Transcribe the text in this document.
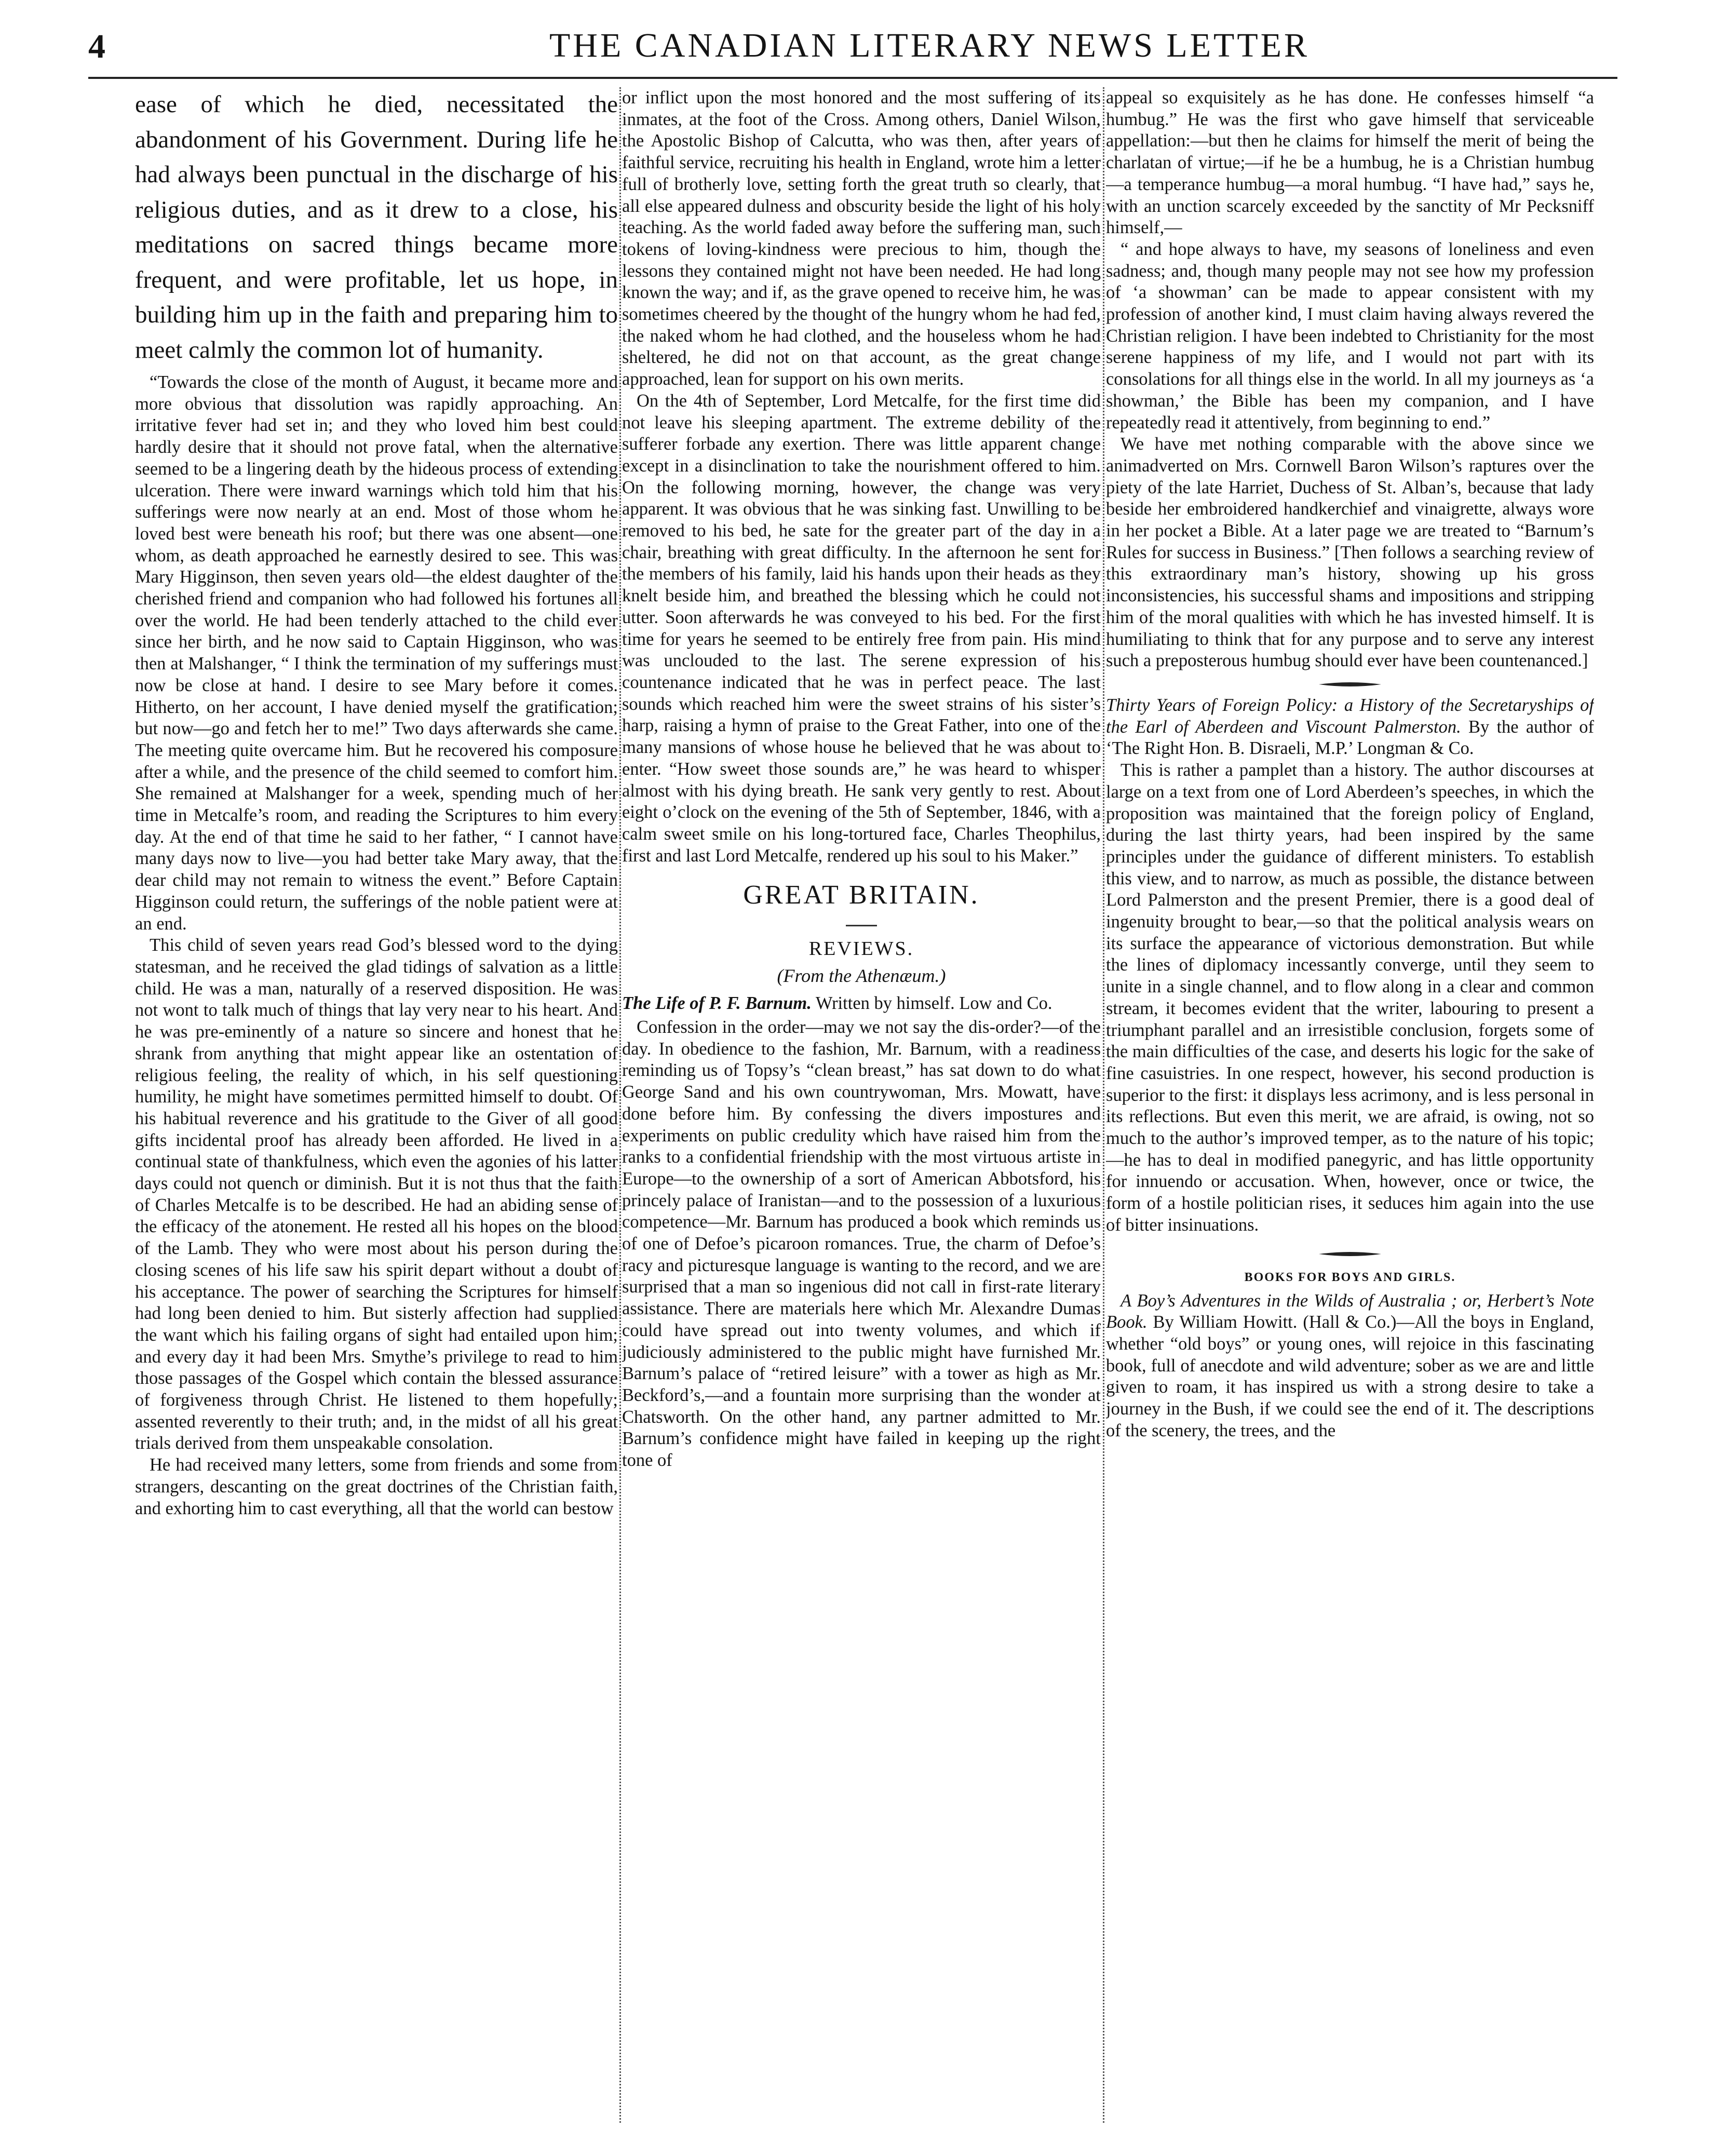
4	THE CANADIAN LITERARY NEWS LETTER

ease of which he died, necessitated the abandonment of his Government. During life he had always been punctual in the discharge of his religious duties, and as it drew to a close, his meditations on sacred things became more frequent, and were profitable, let us hope, in building him up in the faith and preparing him to meet calmly the common lot of humanity.

“Towards the close of the month of August, it became more and more obvious that dissolution was rapidly approaching. An irritative fever had set in; and they who loved him best could hardly desire that it should not prove fatal, when the alternative seemed to be a lingering death by the hideous process of extending ulceration. There were inward warnings which told him that his sufferings were now nearly at an end. Most of those whom he loved best were beneath his roof; but there was one absent—one whom, as death approached he earnestly desired to see. This was Mary Higginson, then seven years old—the eldest daughter of the cherished friend and companion who had followed his fortunes all over the world. He had been tenderly attached to the child ever since her birth, and he now said to Captain Higginson, who was then at Malshanger, “ I think the termination of my sufferings must now be close at hand. I desire to see Mary before it comes. Hitherto, on her account, I have denied myself the gratification; but now—go and fetch her to me!” Two days afterwards she came. The meeting quite overcame him. But he recovered his composure after a while, and the presence of the child seemed to comfort him. She remained at Malshanger for a week, spending much of her time in Metcalfe’s room, and reading the Scriptures to him every day. At the end of that time he said to her father, “ I cannot have many days now to live—you had better take Mary away, that the dear child may not remain to witness the event.” Before Captain Higginson could return, the sufferings of the noble patient were at an end.

This child of seven years read God’s blessed word to the dying statesman, and he received the glad tidings of salvation as a little child. He was a man, naturally of a reserved disposition. He was not wont to talk much of things that lay very near to his heart. And he was pre-eminently of a nature so sincere and honest that he shrank from anything that might appear like an ostentation of religious feeling, the reality of which, in his self questioning humility, he might have sometimes permitted himself to doubt. Of his habitual reverence and his gratitude to the Giver of all good gifts incidental proof has already been afforded. He lived in a continual state of thankfulness, which even the agonies of his latter days could not quench or diminish. But it is not thus that the faith of Charles Metcalfe is to be described. He had an abiding sense of the efficacy of the atonement. He rested all his hopes on the blood of the Lamb. They who were most about his person during the closing scenes of his life saw his spirit depart without a doubt of his acceptance. The power of searching the Scriptures for himself had long been denied to him. But sisterly affection had supplied the want which his failing organs of sight had entailed upon him; and every day it had been Mrs. Smythe’s privilege to read to him those passages of the Gospel which contain the blessed assurance of forgiveness through Christ. He listened to them hopefully; assented reverently to their truth; and, in the midst of all his great trials derived from them unspeakable consolation.

He had received many letters, some from friends and some from strangers, descanting on the great doctrines of the Christian faith, and exhorting him to cast everything, all that the world can bestow

or inflict upon the most honored and the most suffering of its inmates, at the foot of the Cross. Among others, Daniel Wilson, the Apostolic Bishop of Calcutta, who was then, after years of faithful service, recruiting his health in England, wrote him a letter full of brotherly love, setting forth the great truth so clearly, that all else appeared dulness and obscurity beside the light of his holy teaching. As the world faded away before the suffering man, such tokens of loving-kindness were precious to him, though the lessons they contained might not have been needed. He had long known the way; and if, as the grave opened to receive him, he was sometimes cheered by the thought of the hungry whom he had fed, the naked whom he had clothed, and the houseless whom he had sheltered, he did not on that account, as the great change approached, lean for support on his own merits.

On the 4th of September, Lord Metcalfe, for the first time did not leave his sleeping apartment. The extreme debility of the sufferer forbade any exertion. There was little apparent change except in a disinclination to take the nourishment offered to him. On the following morning, however, the change was very apparent. It was obvious that he was sinking fast. Unwilling to be removed to his bed, he sate for the greater part of the day in a chair, breathing with great difficulty. In the afternoon he sent for the members of his family, laid his hands upon their heads as they knelt beside him, and breathed the blessing which he could not utter. Soon afterwards he was conveyed to his bed. For the first time for years he seemed to be entirely free from pain. His mind was unclouded to the last. The serene expression of his countenance indicated that he was in perfect peace. The last sounds which reached him were the sweet strains of his sister’s harp, raising a hymn of praise to the Great Father, into one of the many mansions of whose house he believed that he was about to enter. “How sweet those sounds are,” he was heard to whisper almost with his dying breath. He sank very gently to rest. About eight o’clock on the evening of the 5th of September, 1846, with a calm sweet smile on his long-tortured face, Charles Theophilus, first and last Lord Metcalfe, rendered up his soul to his Maker.”

GREAT BRITAIN.
REVIEWS.
(From the Athenæum.)

The Life of P. F. Barnum. Written by himself. Low and Co.

Confession in the order—may we not say the dis-order?—of the day. In obedience to the fashion, Mr. Barnum, with a readiness reminding us of Topsy’s “clean breast,” has sat down to do what George Sand and his own countrywoman, Mrs. Mowatt, have done before him. By confessing the divers impostures and experiments on public credulity which have raised him from the ranks to a confidential friendship with the most virtuous artiste in Europe—to the ownership of a sort of American Abbotsford, his princely palace of Iranistan—and to the possession of a luxurious competence—Mr. Barnum has produced a book which reminds us of one of Defoe’s picaroon romances. True, the charm of Defoe’s racy and picturesque language is wanting to the record, and we are surprised that a man so ingenious did not call in first-rate literary assistance. There are materials here which Mr. Alexandre Dumas could have spread out into twenty volumes, and which if judiciously administered to the public might have furnished Mr. Barnum’s palace of “retired leisure” with a tower as high as Mr. Beckford’s,—and a fountain more surprising than the wonder at Chatsworth. On the other hand, any partner admitted to Mr. Barnum’s confidence might have failed in keeping up the right tone of

appeal so exquisitely as he has done. He confesses himself “a humbug.” He was the first who gave himself that serviceable appellation:—but then he claims for himself the merit of being the charlatan of virtue;—if he be a humbug, he is a Christian humbug—a temperance humbug—a moral humbug. “I have had,” says he, with an unction scarcely exceeded by the sanctity of Mr Pecksniff himself,—

“ and hope always to have, my seasons of loneliness and even sadness; and, though many people may not see how my profession of ‘a showman’ can be made to appear consistent with my profession of another kind, I must claim having always revered the Christian religion. I have been indebted to Christianity for the most serene happiness of my life, and I would not part with its consolations for all things else in the world. In all my journeys as ‘a showman,’ the Bible has been my companion, and I have repeatedly read it attentively, from beginning to end.”

We have met nothing comparable with the above since we animadverted on Mrs. Cornwell Baron Wilson’s raptures over the piety of the late Harriet, Duchess of St. Alban’s, because that lady beside her embroidered handkerchief and vinaigrette, always wore in her pocket a Bible. At a later page we are treated to “Barnum’s Rules for success in Business.” [Then follows a searching review of this extraordinary man’s history, showing up his gross inconsistencies, his successful shams and impositions and stripping him of the moral qualities with which he has invested himself. It is humiliating to think that for any purpose and to serve any interest such a preposterous humbug should ever have been countenanced.]

Thirty Years of Foreign Policy: a History of the Secretaryships of the Earl of Aberdeen and Viscount Palmerston. By the author of ‘The Right Hon. B. Disraeli, M.P.’ Longman & Co.

This is rather a pamplet than a history. The author discourses at large on a text from one of Lord Aberdeen’s speeches, in which the proposition was maintained that the foreign policy of England, during the last thirty years, had been inspired by the same principles under the guidance of different ministers. To establish this view, and to narrow, as much as possible, the distance between Lord Palmerston and the present Premier, there is a good deal of ingenuity brought to bear,—so that the political analysis wears on its surface the appearance of victorious demonstration. But while the lines of diplomacy incessantly converge, until they seem to unite in a single channel, and to flow along in a clear and common stream, it becomes evident that the writer, labouring to present a triumphant parallel and an irresistible conclusion, forgets some of the main difficulties of the case, and deserts his logic for the sake of fine casuistries. In one respect, however, his second production is superior to the first: it displays less acrimony, and is less personal in its reflections. But even this merit, we are afraid, is owing, not so much to the author’s improved temper, as to the nature of his topic;—he has to deal in modified panegyric, and has little opportunity for innuendo or accusation. When, however, once or twice, the form of a hostile politician rises, it seduces him again into the use of bitter insinuations.

BOOKS FOR BOYS AND GIRLS.

A Boy’s Adventures in the Wilds of Australia ; or, Herbert’s Note Book. By William Howitt. (Hall & Co.)—All the boys in England, whether “old boys” or young ones, will rejoice in this fascinating book, full of anecdote and wild adventure; sober as we are and little given to roam, it has inspired us with a strong desire to take a journey in the Bush, if we could see the end of it. The descriptions of the scenery, the trees, and the
